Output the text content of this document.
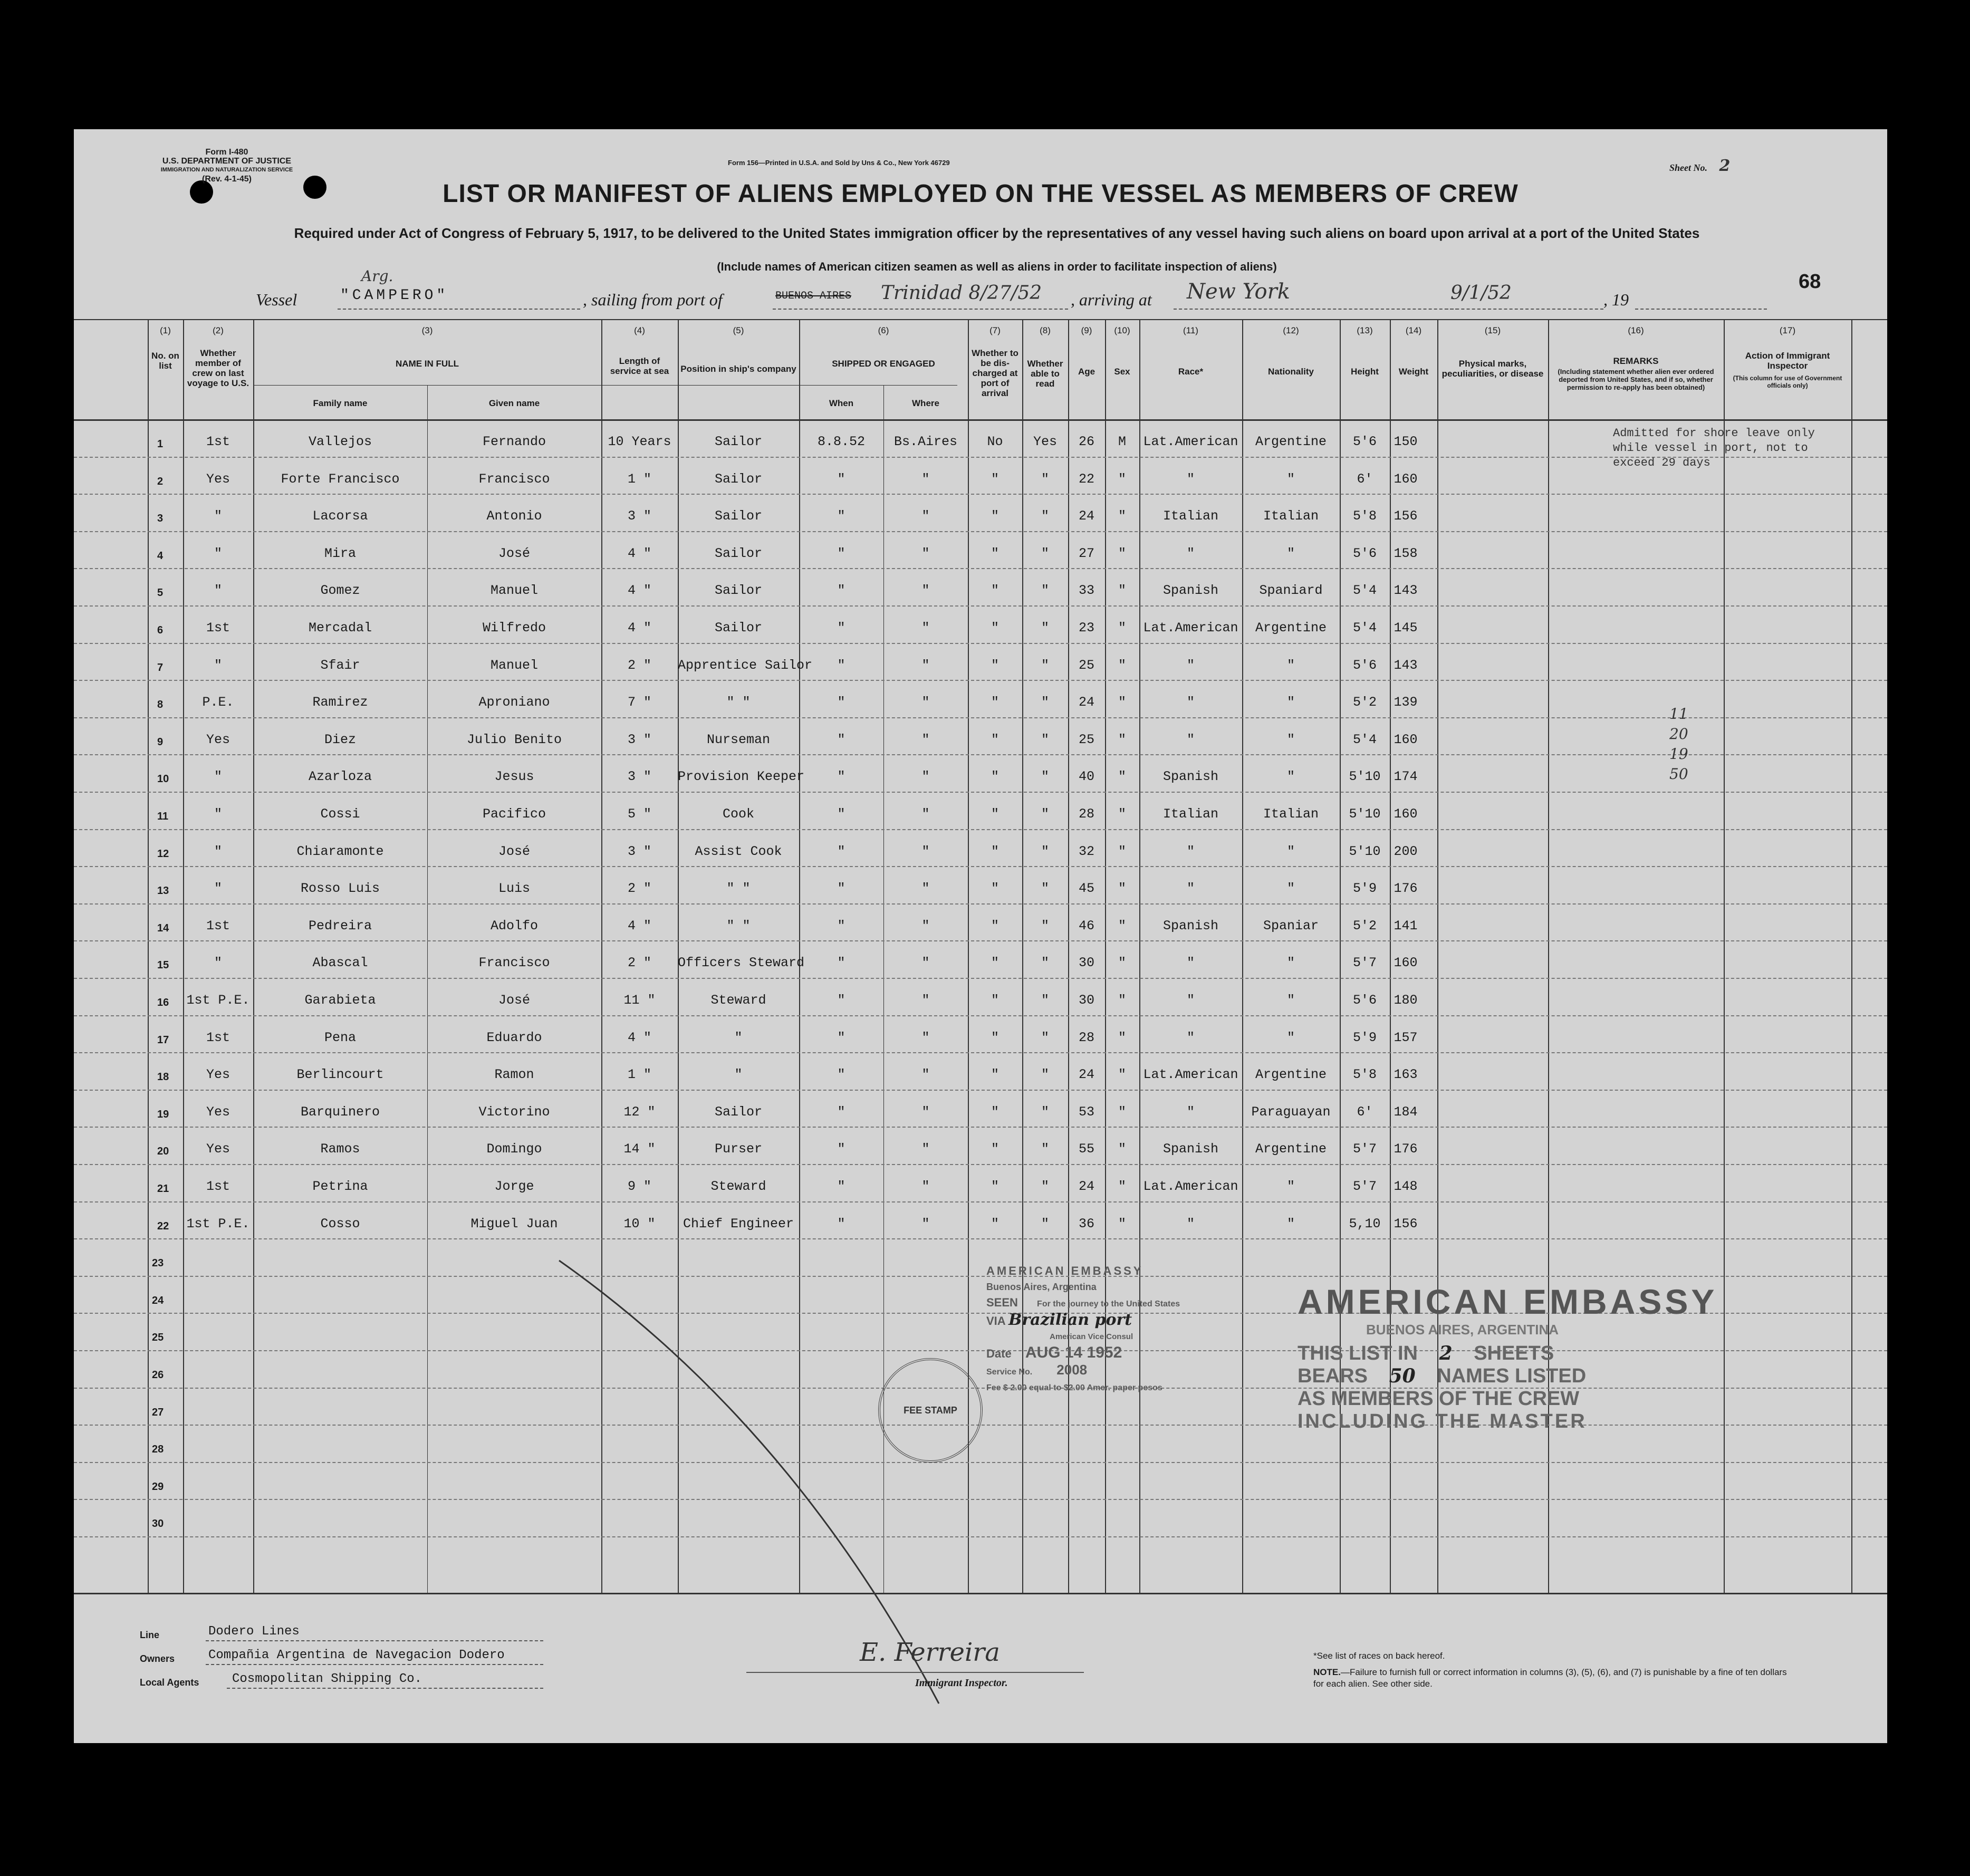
Form I-480
U.S. DEPARTMENT OF JUSTICE
IMMIGRATION AND NATURALIZATION SERVICE
(Rev. 4-1-45)
Form 156—Printed in U.S.A. and Sold by Uns & Co., New York 46729	Sheet No. 2
LIST OR MANIFEST OF ALIENS EMPLOYED ON THE VESSEL AS MEMBERS OF CREW
Required under Act of Congress of February 5, 1917, to be delivered to the United States immigration officer by the representatives of any vessel having such aliens on board upon arrival at a port of the United States
(Include names of American citizen seamen as well as aliens in order to facilitate inspection of aliens)
Vessel
Arg.
"CAMPERO"	, sailing from port of	BUENOS AIRES Trinidad 8/27/52 , arriving at New York	9/1/52	, 19
68
(1)	(2)	(3)	(4)	(5)	(6)	(7)	(8)	(9)	(10)	(11)	(12)	(13)	(14)	(15)	(16)	(17)
No. on list
Whether member of crew on last voyage to U.S.
NAME IN FULL
Family name	Given name
Length of service at sea	Position in ship's company
SHIPPED OR ENGAGED
When	Where
Whether to be dis-charged at port of arrival
Whether able to read
Age	Sex	Race*	Nationality	Height	Weight
Physical marks, peculiarities, or disease
REMARKS
(Including statement whether alien ever ordered deported from United States, and if so, whether permission to re-apply has been obtained)
Action of Immigrant Inspector
(This column for use of Government officials only)
1	1st	Vallejos	Fernando	10 Years	Sailor	8.8.52	Bs.Aires	No	Yes	26	M	Lat.American	Argentine	5'6	150
2	Yes	Forte Francisco	Francisco	1 "	Sailor	"	"	"	"	22	"	"	"	6'	160
3	"	Lacorsa	Antonio	3 "	Sailor	"	"	"	"	24	"	Italian	Italian	5'8	156
4	"	Mira	José	4 "	Sailor	"	"	"	"	27	"	"	"	5'6	158
5	"	Gomez	Manuel	4 "	Sailor	"	"	"	"	33	"	Spanish	Spaniard	5'4	143
6	1st	Mercadal	Wilfredo	4 "	Sailor	"	"	"	"	23	"	Lat.American	Argentine	5'4	145
7	"	Sfair	Manuel	2 "	Apprentice Sailor	"	"	"	"	25	"	"	"	5'6	143
8	P.E.	Ramirez	Aproniano	7 "	" "	"	"	"	"	24	"	"	"	5'2	139
9	Yes	Diez	Julio Benito	3 "	Nurseman	"	"	"	"	25	"	"	"	5'4	160
10	"	Azarloza	Jesus	3 "	Provision Keeper	"	"	"	"	40	"	Spanish	"	5'10 174
11	"	Cossi	Pacifico	5 "	Cook	"	"	"	"	28	"	Italian	Italian	5'10 160
12	"	Chiaramonte	José	3 "	Assist Cook	"	"	"	"	32	"	"	"	5'10 200
13	"	Rosso Luis	Luis	2 "	" "	"	"	"	"	45	"	"	"	5'9	176
14	1st	Pedreira	Adolfo	4 "	" "	"	"	"	"	46	"	Spanish	Spaniar	5'2	141
15	"	Abascal	Francisco	2 "	Officers Steward	"	"	"	"	30	"	"	"	5'7	160
16 1st P.E.	Garabieta	José	11 "	Steward	"	"	"	"	30	"	"	"	5'6	180
17	1st	Pena	Eduardo	4 "	"	"	"	"	"	28	"	"	"	5'9	157
18	Yes	Berlincourt	Ramon	1 "	"	"	"	"	"	24	"	Lat.American	Argentine	5'8	163
19	Yes	Barquinero	Victorino	12 "	Sailor	"	"	"	"	53	"	"	Paraguayan	6'	184
20	Yes	Ramos	Domingo	14 "	Purser	"	"	"	"	55	"	Spanish	Argentine	5'7	176
21	1st	Petrina	Jorge	9 "	Steward	"	"	"	"	24	"	Lat.American	"	5'7	148
22 1st P.E.	Cosso	Miguel Juan	10 "	Chief Engineer	"	"	"	"	36	"	"	"	5,10 156
23
24
25
26
27
28
29
30
Admitted for shore leave only while vessel in port, not to exceed 29 days
11
20
19
50
AMERICAN EMBASSY
Buenos Aires, Argentina
SEEN For the journey to the United States
VIA Brazilian port
American Vice Consul
Date AUG 14 1952
Service No. 2008
Fee $ 2.00 equal to $2.00 Amer. paper pesos
FEE STAMP
AMERICAN EMBASSY
BUENOS AIRES, ARGENTINA
THIS LIST IN 2 SHEETS
BEARS 50 NAMES LISTED
AS MEMBERS OF THE CREW
INCLUDING THE MASTER
Line	Dodero Lines
Owners	Compañia Argentina de Navegacion Dodero
Local Agents	Cosmopolitan Shipping Co.
E. Ferreira
Immigrant Inspector.
*See list of races on back hereof.
NOTE.—Failure to furnish full or correct information in columns (3), (5), (6), and (7) is punishable by a fine of ten dollars for each alien. See other side.
